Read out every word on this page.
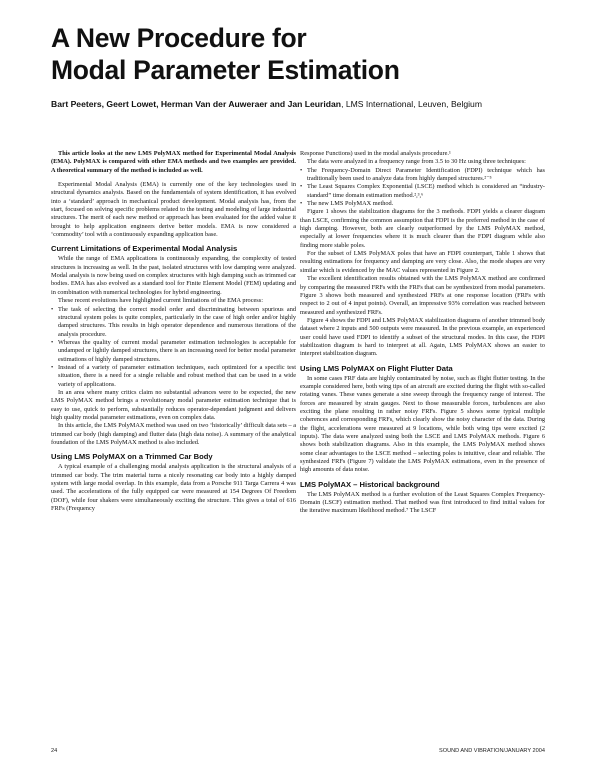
A New Procedure for
Modal Parameter Estimation
Bart Peeters, Geert Lowet, Herman Van der Auweraer and Jan Leuridan, LMS International, Leuven, Belgium

This article looks at the new LMS PolyMAX method for Experimental Modal Analysis (EMA). PolyMAX is compared with other EMA methods and two examples are provided. A theoretical summary of the method is included as well.

Experimental Modal Analysis (EMA) is currently one of the key technologies used in structural dynamics analysis. Based on the fundamentals of system identification, it has evolved into a ‘standard’ approach in mechanical product development. Modal analysis has, from the start, focused on solving specific problems related to the testing and modeling of large industrial structures. The merit of each new method or approach has been evaluated for the added value it brought to help application engineers derive better models. EMA is now considered a ‘commodity’ tool with a continuously expanding application base.

Current Limitations of Experimental Modal Analysis

While the range of EMA applications is continuously expanding, the complexity of tested structures is increasing as well. In the past, isolated structures with low damping were analyzed. Modal analysis is now being used on complex structures with high damping such as trimmed car bodies. EMA has also evolved as a standard tool for Finite Element Model (FEM) updating and in combination with numerical technologies for hybrid engineering.

These recent evolutions have highlighted current limitations of the EMA process:

• The task of selecting the correct model order and discriminating between spurious and structural system poles is quite complex, particularly in the case of high order and/or highly damped structures. This results in high operator dependence and numerous iterations of the analysis procedure.
• Whereas the quality of current modal parameter estimation technologies is acceptable for undamped or lightly damped structures, there is an increasing need for better modal parameter estimations of highly damped structures.
• Instead of a variety of parameter estimation techniques, each optimized for a specific test situation, there is a need for a single reliable and robust method that can be used in a wide variety of applications.

In an area where many critics claim no substantial advances were to be expected, the new LMS PolyMAX method brings a revolutionary modal parameter estimation technique that is easy to use, quick to perform, substantially reduces operator-dependant judgment and delivers high quality modal parameter estimations, even on complex data.

In this article, the LMS PolyMAX method was used on two ‘historically’ difficult data sets – a trimmed car body (high damping) and flutter data (high data noise). A summary of the analytical foundation of the LMS PolyMAX method is also included.

Using LMS PolyMAX on a Trimmed Car Body

A typical example of a challenging modal analysis application is the structural analysis of a trimmed car body. The trim material turns a nicely resonating car body into a highly damped system with large modal overlap. In this example, data from a Porsche 911 Targa Carrera 4 was used. The accelerations of the fully equipped car were measured at 154 Degrees Of Freedom (DOF), while four shakers were simultaneously exciting the structure. This gives a total of 616 FRFs (Frequency

Response Functions) used in the modal analysis procedure.¹

The data were analyzed in a frequency range from 3.5 to 30 Hz using three techniques:

• The Frequency-Domain Direct Parameter Identification (FDPI) technique which has traditionally been used to analyze data from highly damped structures.²⁻⁵
• The Least Squares Complex Exponential (LSCE) method which is considered an “industry-standard” time domain estimation method.²,³,⁶
• The new LMS PolyMAX method.

Figure 1 shows the stabilization diagrams for the 3 methods. FDPI yields a clearer diagram than LSCE, confirming the common assumption that FDPI is the preferred method in the case of high damping. However, both are clearly outperformed by the LMS PolyMAX method, especially at lower frequencies where it is much clearer than the FDPI diagram while also finding more stable poles.

For the subset of LMS PolyMAX poles that have an FDPI counterpart, Table 1 shows that resulting estimations for frequency and damping are very close. Also, the mode shapes are very similar which is evidenced by the MAC values represented in Figure 2.

The excellent identification results obtained with the LMS PolyMAX method are confirmed by comparing the measured FRFs with the FRFs that can be synthesized from modal parameters. Figure 3 shows both measured and synthesized FRFs at one response location (FRFs with respect to 2 out of 4 input points). Overall, an impressive 93% correlation was reached between measured and synthesized FRFs.

Figure 4 shows the FDPI and LMS PolyMAX stabilization diagrams of another trimmed body dataset where 2 inputs and 500 outputs were measured. In the previous example, an experienced user could have used FDPI to identify a subset of the structural modes. In this case, the FDPI stabilization diagram is hard to interpret at all. Again, LMS PolyMAX shows an easier to interpret stabilization diagram.

Using LMS PolyMAX on Flight Flutter Data

In some cases FRF data are highly contaminated by noise, such as flight flutter testing. In the example considered here, both wing tips of an aircraft are excited during the flight with so-called rotating vanes. These vanes generate a sine sweep through the frequency range of interest. The forces are measured by strain gauges. Next to those measurable forces, turbulences are also exciting the plane resulting in rather noisy FRFs. Figure 5 shows some typical multiple coherences and corresponding FRFs, which clearly show the noisy character of the data. During the flight, accelerations were measured at 9 locations, while both wing tips were excited (2 inputs). The data were analyzed using both the LSCE and LMS PolyMAX methods. Figure 6 shows both stabilization diagrams. Also in this example, the LMS PolyMAX method shows some clear advantages to the LSCE method – selecting poles is intuitive, clear and reliable. The synthesized FRFs (Figure 7) validate the LMS PolyMAX estimations, even in the presence of high amounts of data noise.

LMS PolyMAX – Historical background

The LMS PolyMAX method is a further evolution of the Least Squares Complex Frequency-Domain (LSCF) estimation method. That method was first introduced to find initial values for the iterative maximum likelihood method.⁷ The LSCF

24	SOUND AND VIBRATION/JANUARY 2004
